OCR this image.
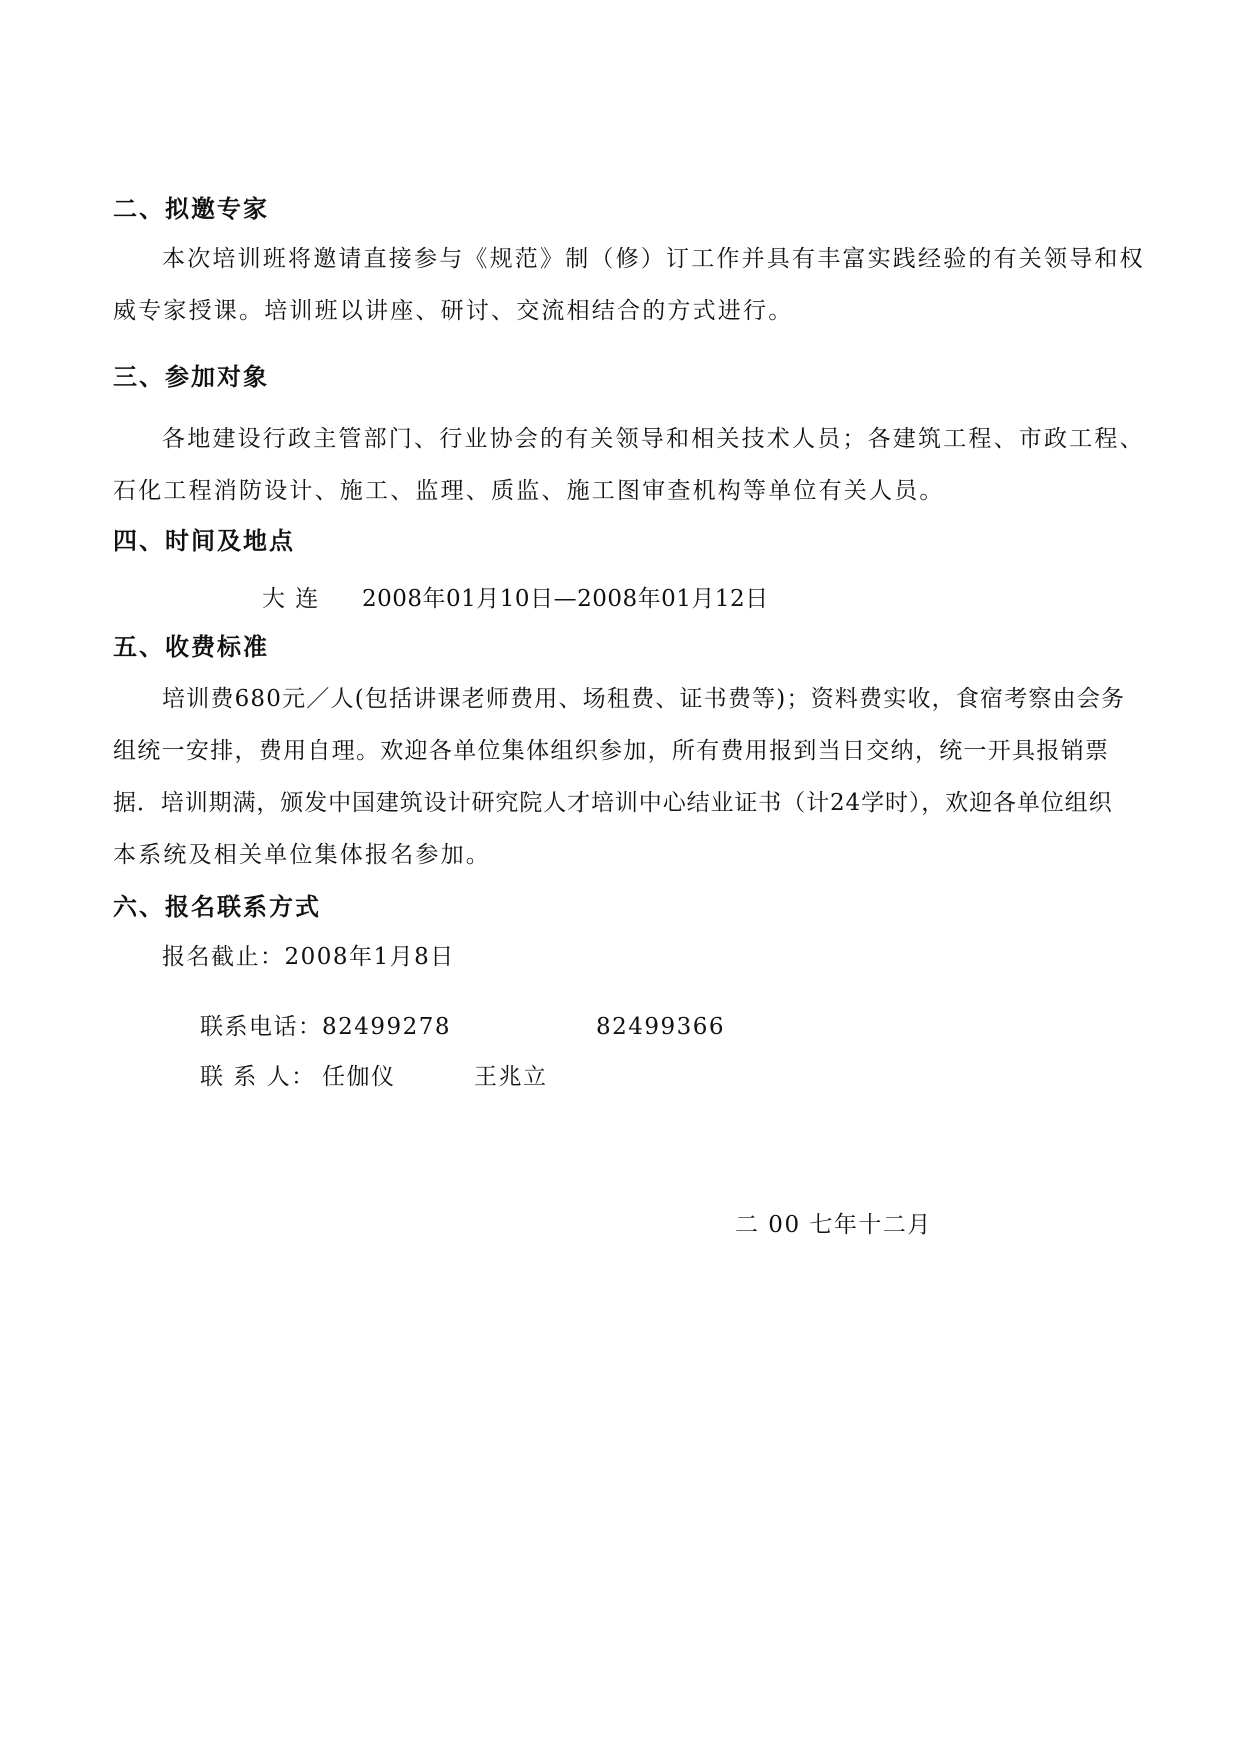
二、拟邀专家
本次培训班将邀请直接参与《规范》制（修）订工作并具有丰富实践经验的有关领导和权
威专家授课。培训班以讲座、研讨、交流相结合的方式进行。
三、参加对象
各地建设行政主管部门、行业协会的有关领导和相关技术人员；各建筑工程、市政工程、
石化工程消防设计、施工、监理、质监、施工图审查机构等单位有关人员。
四、时间及地点
大 连 2008年01月10日—2008年01月12日
五、收费标准
培训费680元／人(包括讲课老师费用、场租费、证书费等)；资料费实收，食宿考察由会务
组统一安排，费用自理。欢迎各单位集体组织参加，所有费用报到当日交纳，统一开具报销票
据．培训期满，颁发中国建筑设计研究院人才培训中心结业证书（计24学时），欢迎各单位组织
本系统及相关单位集体报名参加。
六、报名联系方式
报名截止：2008年1月8日
联系电话： 82499278	82499366
联 系 人： 任伽仪	王兆立
二 00 七年十二月
